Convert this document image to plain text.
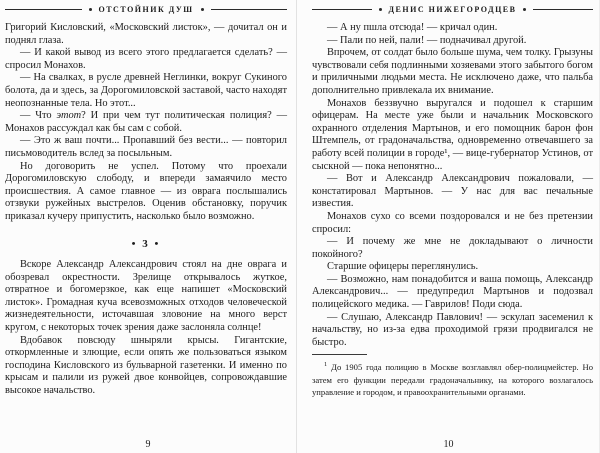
ОТСТОЙНИК ДУШ

Григорий Кисловский, «Московский листок», — дочитал он и поднял глаза.

— И какой вывод из всего этого предлагается сделать? — спросил Монахов.

— На свалках, в русле древней Неглинки, вокруг Сукиного болота, да и здесь, за Дорогомиловской заставой, часто находят неопознанные тела. Но этот...

— Что этот? И при чем тут политическая полиция? — Монахов рассуждал как бы сам с собой.

— Это ж ваш почти... Пропавший без вести... — повторил письмоводитель вслед за посыльным.

Но договорить не успел. Потому что проехали Дорогомиловскую слободу, и впереди замаячило место происшествия. А самое главное — из оврага послышались отзвуки ружейных выстрелов. Оценив обстановку, поручик приказал кучеру припустить, насколько было возможно.

• 3 •

Вскоре Александр Александрович стоял на дне оврага и обозревал окрестности. Зрелище открывалось жуткое, отвратное и богомерзкое, как еще напишет «Московский листок». Громадная куча всевозможных отходов человеческой жизнедеятельности, источавшая зловоние на много верст кругом, с некоторых точек зрения даже заслоняла солнце!

Вдобавок повсюду шныряли крысы. Гигантские, откормленные и злющие, если опять же пользоваться языком господина Кисловского из бульварной газетенки. И именно по крысам и палили из ружей двое конвойцев, сопровождавшие высокое начальство.

9
ДЕНИС НИЖЕГОРОДЦЕВ

— А ну пшла отсюда! — кричал один.

— Пали по ней, пали! — подначивал другой.

Впрочем, от солдат было больше шума, чем толку. Грызуны чувствовали себя подлинными хозяевами этого забытого богом и приличными людьми места. Не исключено даже, что пальба дополнительно привлекала их внимание.

Монахов беззвучно выругался и подошел к старшим офицерам. На месте уже были и начальник Московского охранного отделения Мартынов, и его помощник барон фон Штемпель, от градоначальства, одновременно отвечавшего за работу всей полиции в городе¹, — вице-губернатор Устинов, от сыскной — пока непонятно...

— Вот и Александр Александрович пожаловали, — констатировал Мартынов. — У нас для вас печальные известия.

Монахов сухо со всеми поздоровался и не без претензии спросил:

— И почему же мне не докладывают о личности покойного?

Старшие офицеры переглянулись.

— Возможно, нам понадобится и ваша помощь, Александр Александрович... — предупредил Мартынов и подозвал полицейского медика. — Гаврилов! Поди сюда.

— Слушаю, Александр Павлович! — эскулап засеменил к начальству, но из-за едва проходимой грязи продвигался не быстро.

$^1$ До 1905 года полицию в Москве возглавлял обер-полицмейстер. Но затем его функции передали градоначальнику, на которого возлагалось управление и городом, и правоохранительными органами.

10
